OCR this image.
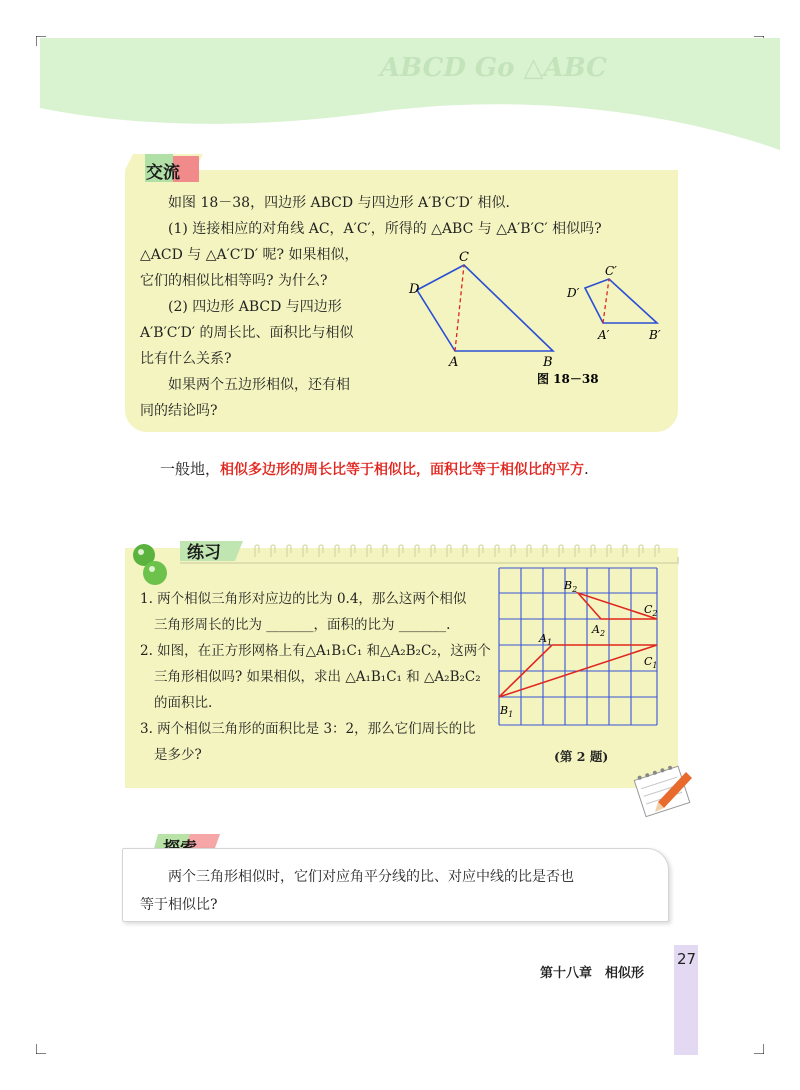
ABCD Go △ABC
交流

如图 18－38，四边形 ABCD 与四边形 A′B′C′D′ 相似．

(1) 连接相应的对角线 AC，A′C′，所得的 △ABC 与 △A′B′C′ 相似吗?

△ACD 与 △A′C′D′ 呢? 如果相似，

它们的相似比相等吗? 为什么?

(2) 四边形 ABCD 与四边形

A′B′C′D′ 的周长比、面积比与相似

比有什么关系?

如果两个五边形相似，还有相

同的结论吗?

D
C
A	B
D′
C′
A′	B′
图 18－38
一般地，相似多边形的周长比等于相似比，面积比等于相似比的平方.
练习

1. 两个相似三角形对应边的比为 0.4，那么这两个相似

三角形周长的比为 _______，面积的比为 _______.

2. 如图，在正方形网格上有△A₁B₁C₁ 和△A₂B₂C₂，这两个

三角形相似吗? 如果相似，求出 △A₁B₁C₁ 和 △A₂B₂C₂

的面积比.

3. 两个相似三角形的面积比是 3：2，那么它们周长的比

是多少?

$B_1$
$A_1$
$C_1$
$B_2$
$A_2$
$C_2$
(第 2 题)

两个三角形相似时，它们对应角平分线的比、对应中线的比是否也

等于相似比?

第十八章　相似形
27
